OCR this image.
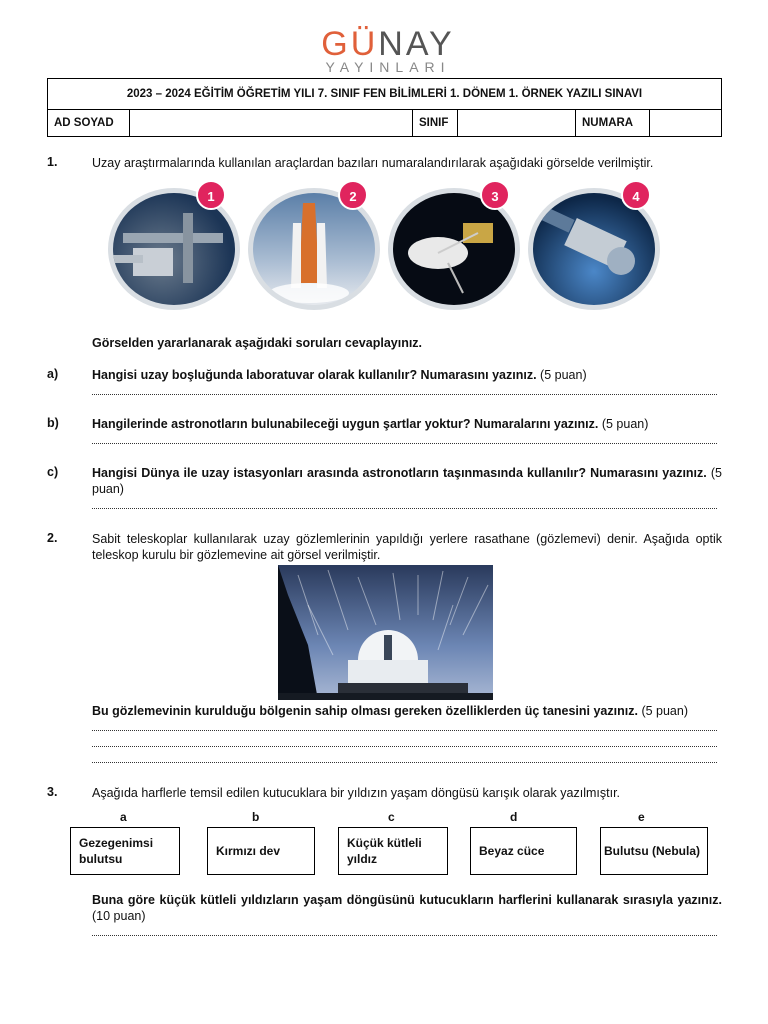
GÜNAY
YAYINLARI
2023 – 2024 EĞİTİM ÖĞRETİM YILI 7. SINIF FEN BİLİMLERİ 1. DÖNEM 1. ÖRNEK YAZILI SINAVI
AD SOYAD		SINIF		NUMARA	
1.	Uzay araştırmalarında kullanılan araçlardan bazıları numaralandırılarak aşağıdaki görselde verilmiştir.
1	2	3	4
Görselden yararlanarak aşağıdaki soruları cevaplayınız.
a)	Hangisi uzay boşluğunda laboratuvar olarak kullanılır? Numarasını yazınız. (5 puan)
b)	Hangilerinde astronotların bulunabileceği uygun şartlar yoktur? Numaralarını yazınız. (5 puan)
c)	Hangisi Dünya ile uzay istasyonları arasında astronotların taşınmasında kullanılır? Numarasını yazınız. (5 puan)
2.	Sabit teleskoplar kullanılarak uzay gözlemlerinin yapıldığı yerlere rasathane (gözlemevi) denir. Aşağıda optik teleskop kurulu bir gözlemevine ait görsel verilmiştir.
Bu gözlemevinin kurulduğu bölgenin sahip olması gereken özelliklerden üç tanesini yazınız. (5 puan)
3.	Aşağıda harflerle temsil edilen kutucuklara bir yıldızın yaşam döngüsü karışık olarak yazılmıştır.
a
Gezegenimsi bulutsu
b
Kırmızı dev
c
Küçük kütleli yıldız
d
Beyaz cüce
e
Bulutsu (Nebula)
Buna göre küçük kütleli yıldızların yaşam döngüsünü kutucukların harflerini kullanarak sırasıyla yazınız. (10 puan)
